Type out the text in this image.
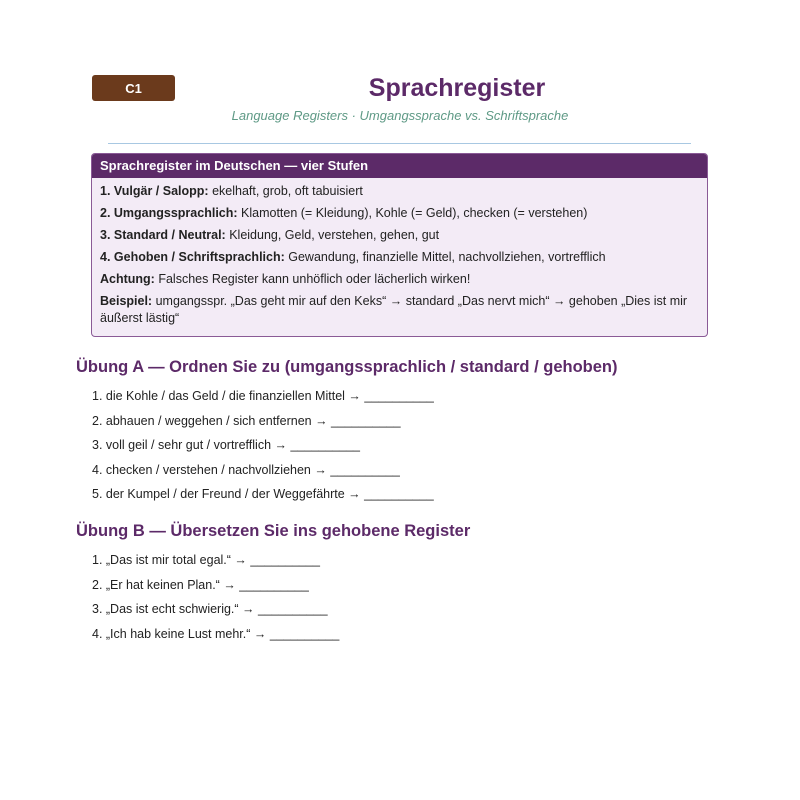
C1	Sprachregister
Language Registers · Umgangssprache vs. Schriftsprache
Sprachregister im Deutschen — vier Stufen
1. Vulgär / Salopp: ekelhaft, grob, oft tabuisiert
2. Umgangssprachlich: Klamotten (= Kleidung), Kohle (= Geld), checken (= verstehen)
3. Standard / Neutral: Kleidung, Geld, verstehen, gehen, gut
4. Gehoben / Schriftsprachlich: Gewandung, finanzielle Mittel, nachvollziehen, vortrefflich
Achtung: Falsches Register kann unhöflich oder lächerlich wirken!
Beispiel: umgangsspr. „Das geht mir auf den Keks“ → standard „Das nervt mich“ → gehoben „Dies ist mir äußerst lästig“
Übung A — Ordnen Sie zu (umgangssprachlich / standard / gehoben)
1. die Kohle / das Geld / die finanziellen Mittel → __________
2. abhauen / weggehen / sich entfernen → __________
3. voll geil / sehr gut / vortrefflich → __________
4. checken / verstehen / nachvollziehen → __________
5. der Kumpel / der Freund / der Weggefährte → __________
Übung B — Übersetzen Sie ins gehobene Register
1. „Das ist mir total egal.“ → __________
2. „Er hat keinen Plan.“ → __________
3. „Das ist echt schwierig.“ → __________
4. „Ich hab keine Lust mehr.“ → __________
